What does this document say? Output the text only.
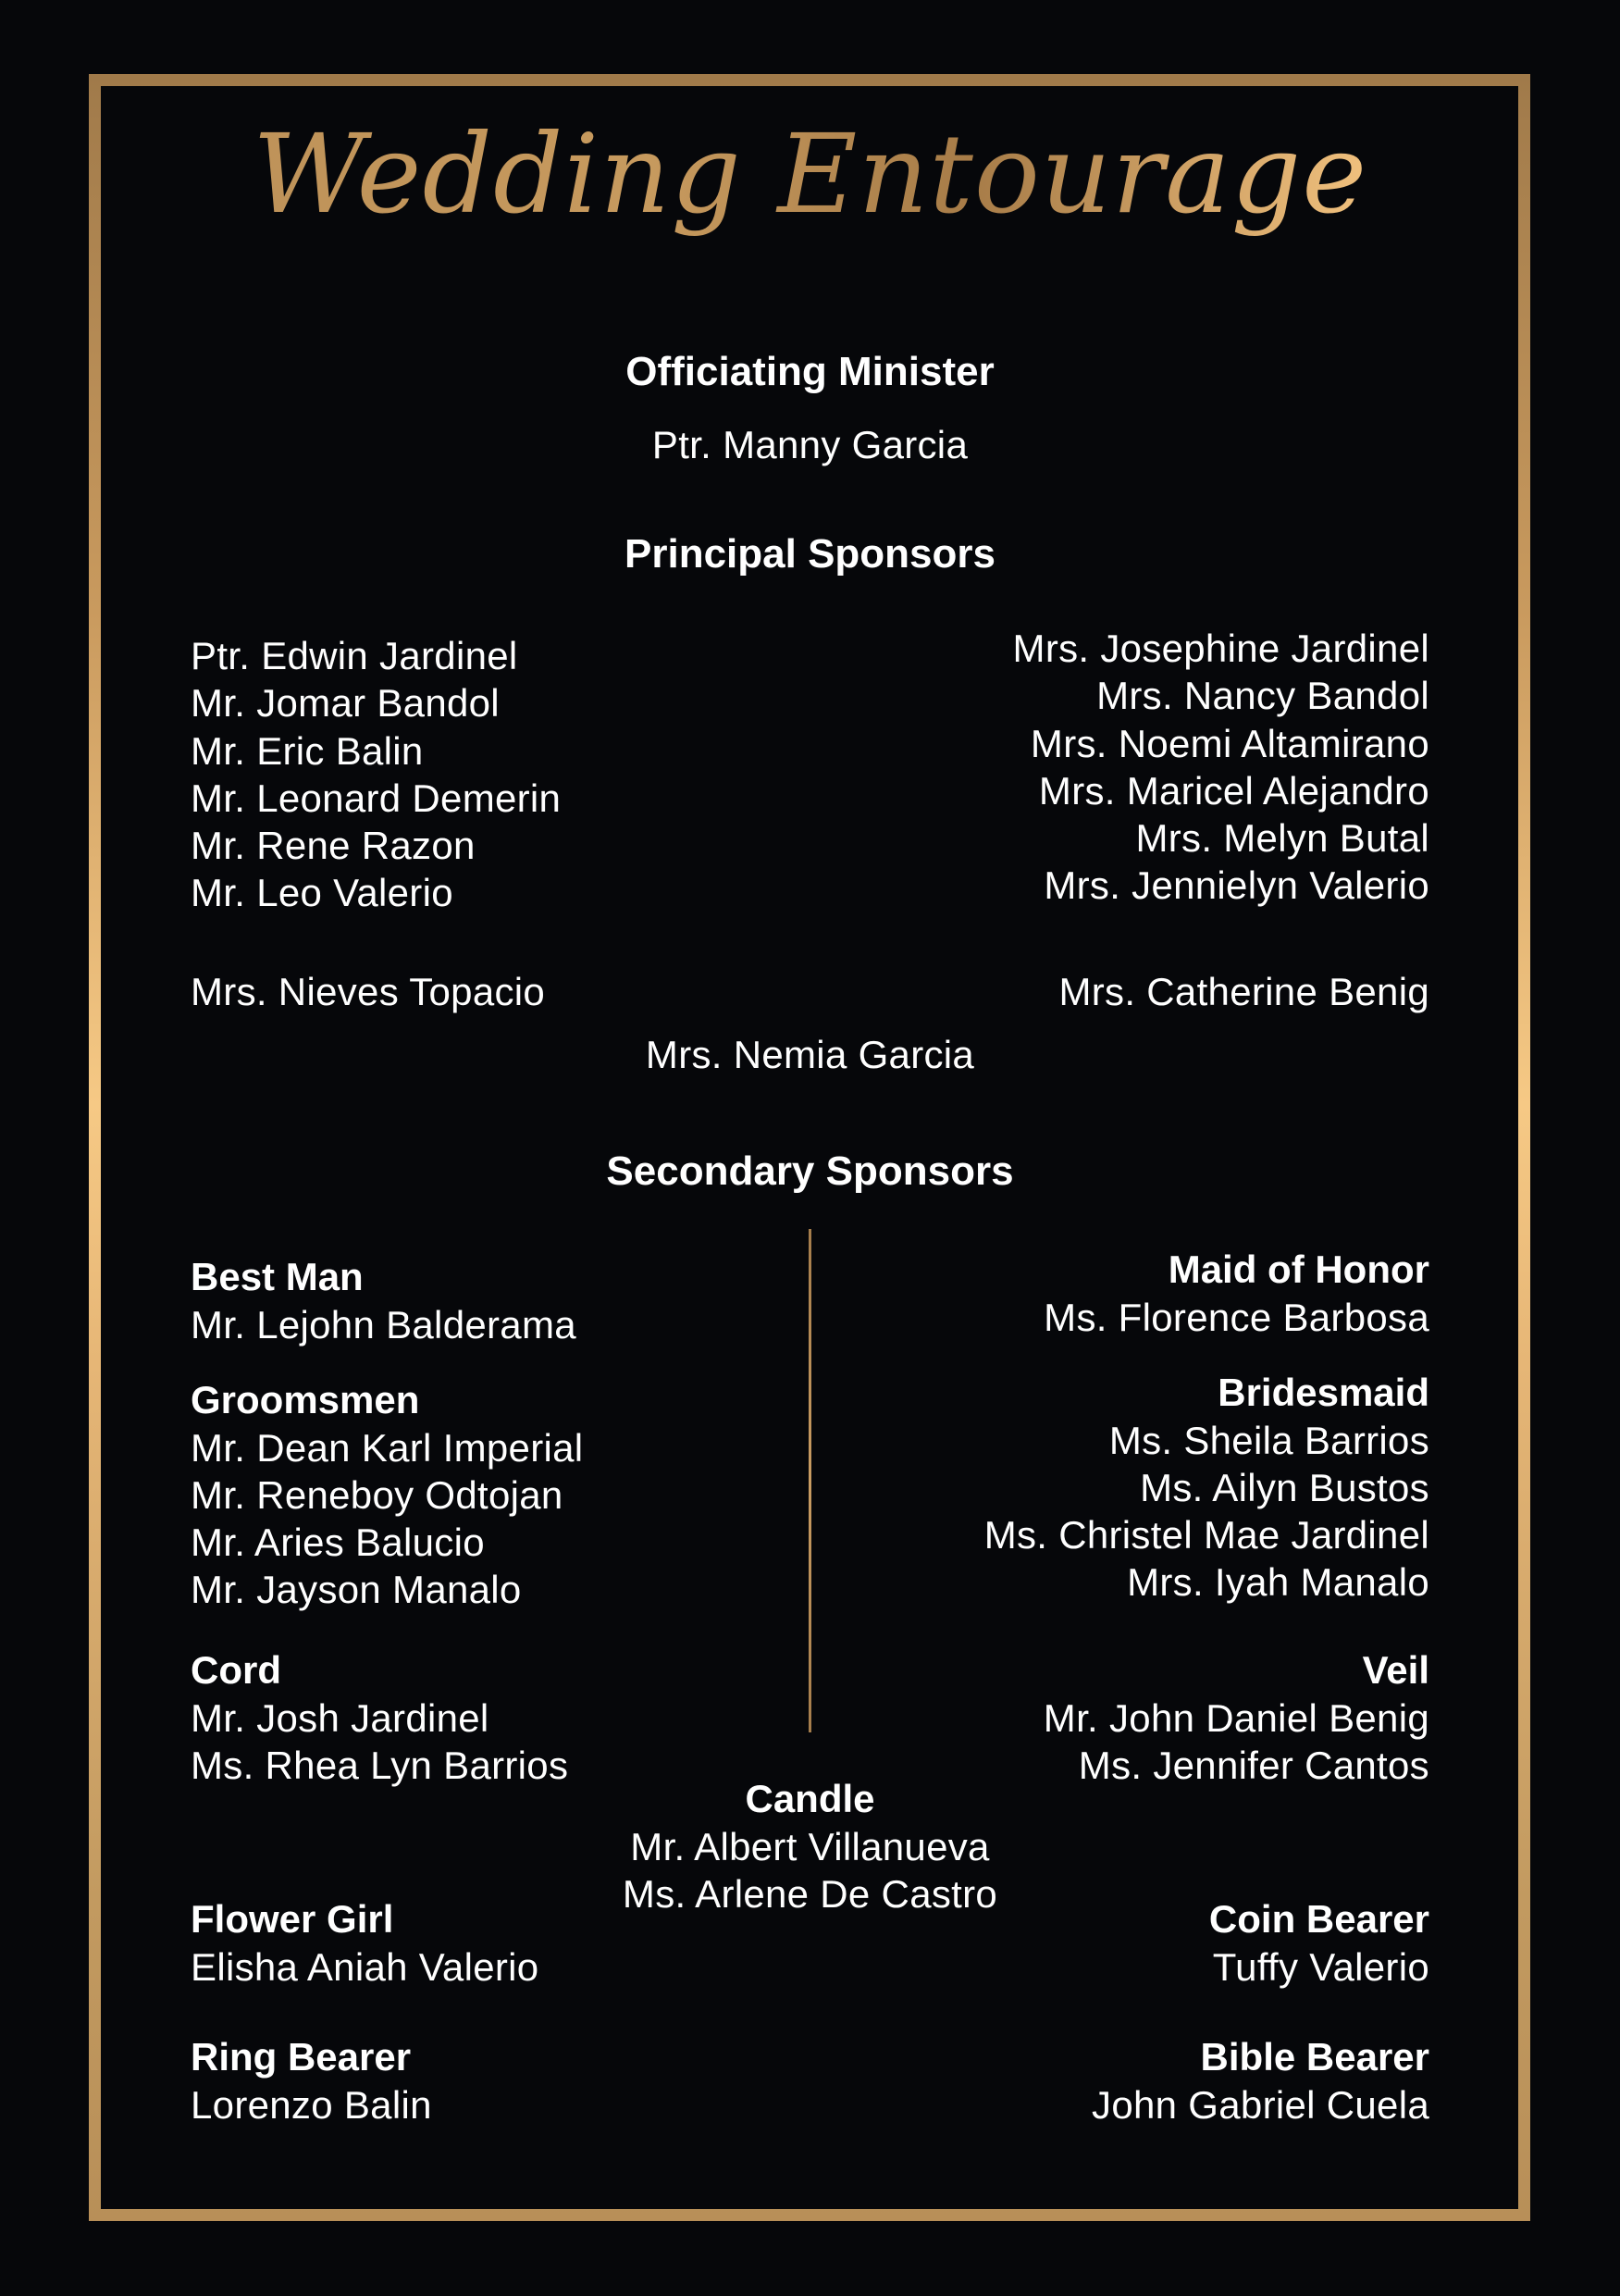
Wedding Entourage
Officiating Minister
Ptr. Manny Garcia
Principal Sponsors
Ptr. Edwin Jardinel
Mr. Jomar Bandol
Mr. Eric Balin
Mr. Leonard Demerin
Mr. Rene Razon
Mr. Leo Valerio
Mrs. Josephine Jardinel
Mrs. Nancy Bandol
Mrs. Noemi Altamirano
Mrs. Maricel Alejandro
Mrs. Melyn Butal
Mrs. Jennielyn Valerio
Mrs. Nieves Topacio	Mrs. Catherine Benig
Mrs. Nemia Garcia
Secondary Sponsors
Best Man
Mr. Lejohn Balderama
Groomsmen
Mr. Dean Karl Imperial
Mr. Reneboy Odtojan
Mr. Aries Balucio
Mr. Jayson Manalo
Cord
Mr. Josh Jardinel
Ms. Rhea Lyn Barrios
Maid of Honor
Ms. Florence Barbosa
Bridesmaid
Ms. Sheila Barrios
Ms. Ailyn Bustos
Ms. Christel Mae Jardinel
Mrs. Iyah Manalo
Veil
Mr. John Daniel Benig
Ms. Jennifer Cantos
Candle
Mr. Albert Villanueva
Ms. Arlene De Castro
Flower Girl
Elisha Aniah Valerio
Coin Bearer
Tuffy Valerio
Ring Bearer
Lorenzo Balin
Bible Bearer
John Gabriel Cuela
